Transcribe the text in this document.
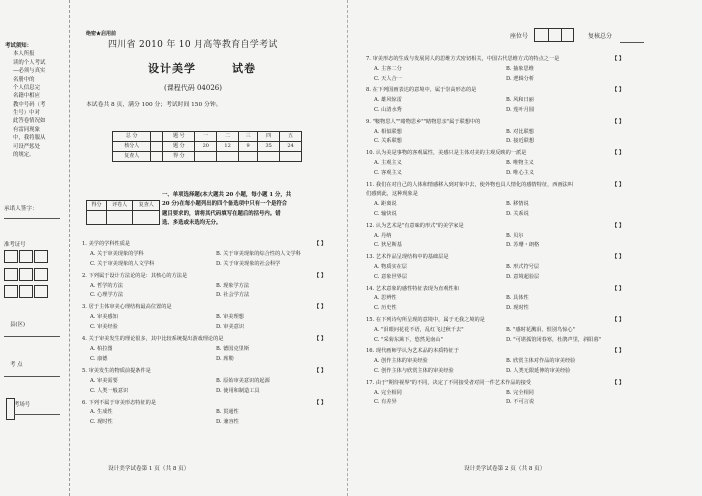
考试须知：
本人所报
读的个人考试
—必须与真实
名册中的
个人信息完
名籍中相应
教中号码（考
生号）中对
此答卷情况如
有雷同现象
中，我将服从
可设严惩处
的规定。
承诺人签字：
准考证号
县(区)
考 点
考场号
绝密★启用前
四川省 2010 年 10 月高等教育自学考试
设计美学	试卷
(课程代码 04026)
本试卷共 8 页，满分 100 分；考试时间 150 分钟。
总 分		题 号	一	二	三	四	五
核分人		题 分	20	12	9	35	24
复查人		得 分					
得分	评卷人	复查人

一、单项选择题(本大题共 20 小题，每小题 1 分，共
20 分)在每小题列出的四个备选项中只有一个是符合
题目要求的，请将其代码填写在题后的括号内。错
选、多选或未选均无分。
1. 美学的学科性质是	【 】
A. 关于审美现象的学科	B. 关于审美现象的综合性的人文学科
C. 关于审美现象的人文学科	D. 关于审美现象的社会科学
2. 下列属于设计方法论的是：其核心的方法是	【 】
A. 哲学的方法	B. 现象学方法
C. 心理学方法	D. 社会学方法
3. 居于主体审美心理结构最高位置的是	【 】
A. 审美感知	B. 审美理想
C. 审美经验	D. 审美意识
4. 关于审美发生的理论很多，其中比较系统提出游戏理论的是	【 】
A. 柏拉图	B. 德国克里斯
C. 康德	D. 席勒
5. 审美发生的物质前提条件是	【 】
A. 审美需要	B. 原始审美意识的起源
C. 人类一般意识	D. 使用和制造工具
6. 下列不属于审美形态特征的是	【 】
A. 生成性	B. 贯通性
C. 现时性	D. 兼容性
设计美学试卷第 1 页（共 8 页）
座位号	复核总分
7. 审美形态的生成与发展同人的思维方式密切相关，中国古代思维方式的特点之一是	【 】
A. 主客二分	B. 抽象思维
C. 天人合一	D. 逻辑分析
8. 在下列国画表达的意境中，属于崇高形态的是	【 】
A. 雄风惊雷	B. 风和日丽
C. 山清水秀	D. 莲叶月圆
9. "鞍物思人""睹物思乡""睹物思亲"属于联想中的	【 】
A. 相似联想	B. 对比联想
C. 关系联想	D. 接近联想
10. 认为美是事物的客观属性，美感只是主体对美的主观反映的一派是	【 】
A. 主观主义	B. 唯物主义
C. 客观主义	D. 唯心主义
11. 我们在对自己的人体和情感移入到对象中去，使外物也具人情化的感情特征，西画法叫	【 】
们感到此，这种现象是
A. 距离说	B. 移情说
C. 输快说	D. 关系说
12. 认为艺术是"有意味的形式"的美学家是	【 】
A. 丹纳	B. 贝尔
C. 狄尼斯基	D. 苏珊・朗格
13. 艺术作品呈现结构中的基础层是	【 】
A. 物质实在层	B. 形式符号层
C. 意象世界层	D. 意境超验层
14. 艺术意象的感性特征表现为直观性和	【 】
A. 思辨性	B. 具体性
C. 历史性	D. 现时性
15. 在下列诗句所呈现的意境中，属于无我之境的是	【 】
A. "泪眼问花花不语，乱红飞过秋千去"	B. "感时花溅泪，恨别鸟惊心"
C. "采菊东篱下，悠然见南山"	D. "可堪孤馆闭春寒，杜鹃声里，斜阳暮"
16. 现代画师学认为艺术品的本质特征于	【 】
A. 创作主体的审美经验	B. 欣赏主体对作品的审美经验
C. 创作主体与欣赏主体的审美经验	D. 人类无限延伸的审美经验
17. 由于"期待视界"的不同，决定了不同接受者对同一件艺术作品的接受	【 】
A. 完全相同	B. 完全相同
C. 有差异	D. 不可言说
设计美学试卷第 2 页（共 8 页）
